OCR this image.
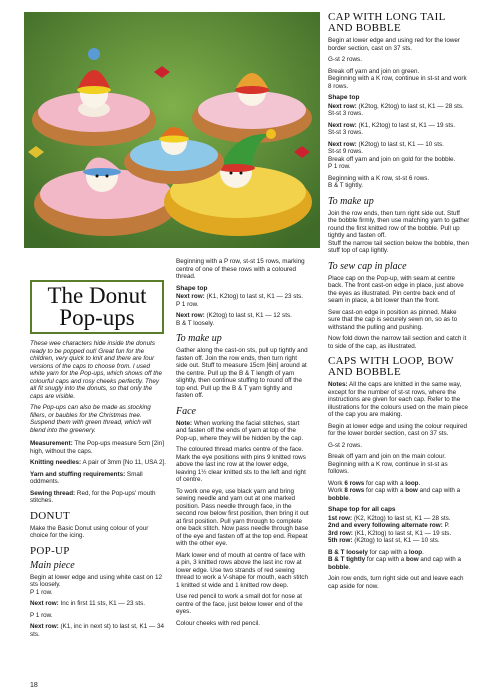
The Donut Pop-ups

These wee characters hide inside the donuts ready to be popped out! Great fun for the children, very quick to knit and there are four versions of the caps to choose from. I used white yarn for the Pop-ups, which shows off the colourful caps and rosy cheeks perfectly. They all fit snugly into the donuts, so that only the caps are visible.

The Pop-ups can also be made as stocking fillers, or baubles for the Christmas tree. Suspend them with green thread, which will blend into the greenery.

Measurement: The Pop-ups measure 5cm [2in] high, without the caps.

Knitting needles: A pair of 3mm [No 11, USA 2].

Yarn and stuffing requirements: Small oddments.

Sewing thread: Red, for the Pop-ups' mouth stitches.

DONUT

Make the Basic Donut using colour of your choice for the icing.

POP-UP
Main piece

Begin at lower edge and using white cast on 12 sts loosely.

P 1 row.

Next row: Inc in first 11 sts, K1 — 23 sts.

P 1 row.

Next row: (K1, inc in next st) to last st, K1 — 34 sts.

Beginning with a P row, st-st 15 rows, marking centre of one of these rows with a coloured thread.

Shape top

Next row: (K1, K2tog) to last st, K1 — 23 sts.

P 1 row.

Next row: (K2tog) to last st, K1 — 12 sts.

B & T loosely.

To make up

Gather along the cast-on sts, pull up tightly and fasten off. Join the row ends, then turn right side out. Stuff to measure 15cm [6in] around at the centre. Pull up the B & T length of yarn slightly, then continue stuffing to round off the top end. Pull up the B & T yarn tightly and fasten off.

Face

Note: When working the facial stitches, start and fasten off the ends of yarn at top of the Pop-up, where they will be hidden by the cap.

The coloured thread marks centre of the face. Mark the eye positions with pins 9 knitted rows above the last inc row at the lower edge, leaving 1½ clear knitted sts to the left and right of centre.

To work one eye, use black yarn and bring sewing needle and yarn out at one marked position. Pass needle through face, in the second row below first position, then bring it out at first position. Pull yarn through to complete one back stitch. Now pass needle through base of the eye and fasten off at the top end. Repeat with the other eye.

Mark lower end of mouth at centre of face with a pin, 3 knitted rows above the last inc row at lower edge. Use two strands of red sewing thread to work a V-shape for mouth, each stitch 1 knitted st wide and 1 knitted row deep.

Use red pencil to work a small dot for nose at centre of the face, just below lower end of the eyes.

Colour cheeks with red pencil.

CAP WITH LONG TAIL AND BOBBLE

Begin at lower edge and using red for the lower border section, cast on 37 sts.

G-st 2 rows.

Break off yarn and join on green.

Beginning with a K row, continue in st-st and work 8 rows.

Shape top

Next row: (K2tog, K2tog) to last st, K1 — 28 sts.

St-st 3 rows.

Next row: (K1, K2tog) to last st, K1 — 19 sts.

St-st 3 rows.

Next row: (K2tog) to last st, K1 — 10 sts.

St-st 9 rows.

Break off yarn and join on gold for the bobble.

P 1 row.

Beginning with a K row, st-st 6 rows.

B & T tightly.

To make up

Join the row ends, then turn right side out. Stuff the bobble firmly, then use matching yarn to gather round the first knitted row of the bobble. Pull up tightly and fasten off.

Stuff the narrow tail section below the bobble, then stuff top of cap lightly.

To sew cap in place

Place cap on the Pop-up, with seam at centre back. The front cast-on edge in place, just above the eyes as illustrated. Pin centre back end of seam in place, a bit lower than the front.

Sew cast-on edge in position as pinned. Make sure that the cap is securely sewn on, so as to withstand the pulling and pushing.

Now fold down the narrow tail section and catch it to side of the cap, as illustrated.

CAPS WITH LOOP, BOW AND BOBBLE

Notes: All the caps are knitted in the same way, except for the number of st-st rows, where the instructions are given for each cap. Refer to the illustrations for the colours used on the main piece of the cap you are making.

Begin at lower edge and using the colour required for the lower border section, cast on 37 sts.

G-st 2 rows.

Break off yarn and join on the main colour. Beginning with a K row, continue in st-st as follows.

Work 6 rows for cap with a loop.

Work 8 rows for cap with a bow and cap with a bobble.

Shape top for all caps

1st row: (K2, K2tog) to last st, K1 — 28 sts.

2nd and every following alternate row: P.

3rd row: (K1, K2tog) to last st, K1 — 19 sts.

5th row: (K2tog) to last st, K1 — 10 sts.

B & T loosely for cap with a loop.

B & T tightly for cap with a bow and cap with a bobble.

Join row ends, turn right side out and leave each cap aside for now.

18
